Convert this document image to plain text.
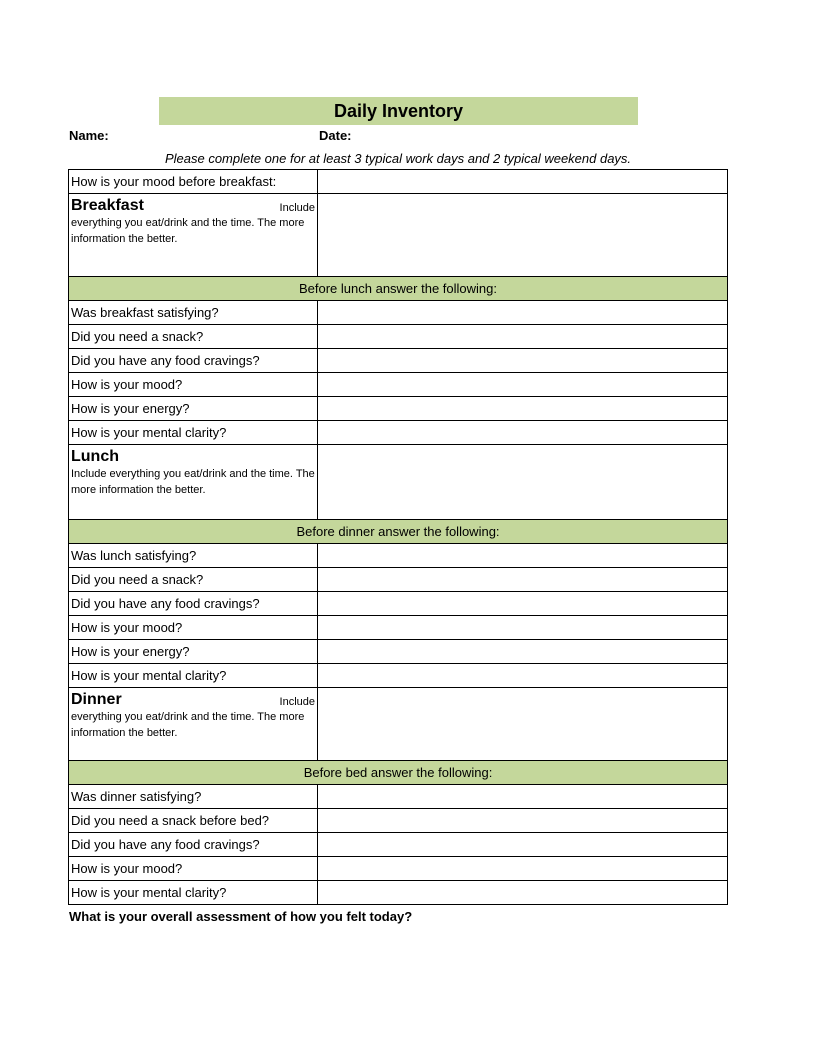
Daily Inventory
Name:	Date:
Please complete one for at least 3 typical work days and 2 typical weekend days.
How is your mood before breakfast:	

Include
Breakfast
everything you eat/drink and the time. The more information the better.	

Before lunch answer the following:	
Was breakfast satisfying?	
Did you need a snack?	
Did you have any food cravings?	
How is your mood?	
How is your energy?	
How is your mental clarity?	

Lunch
Include everything you eat/drink and the time. The more information the better.	

Before dinner answer the following:	
Was lunch satisfying?	
Did you need a snack?	
Did you have any food cravings?	
How is your mood?	
How is your energy?	
How is your mental clarity?	

Include
Dinner
everything you eat/drink and the time. The more information the better.	

Before bed answer the following:	
Was dinner satisfying?	
Did you need a snack before bed?	
Did you have any food cravings?	
How is your mood?	
How is your mental clarity?	
What is your overall assessment of how you felt today?
